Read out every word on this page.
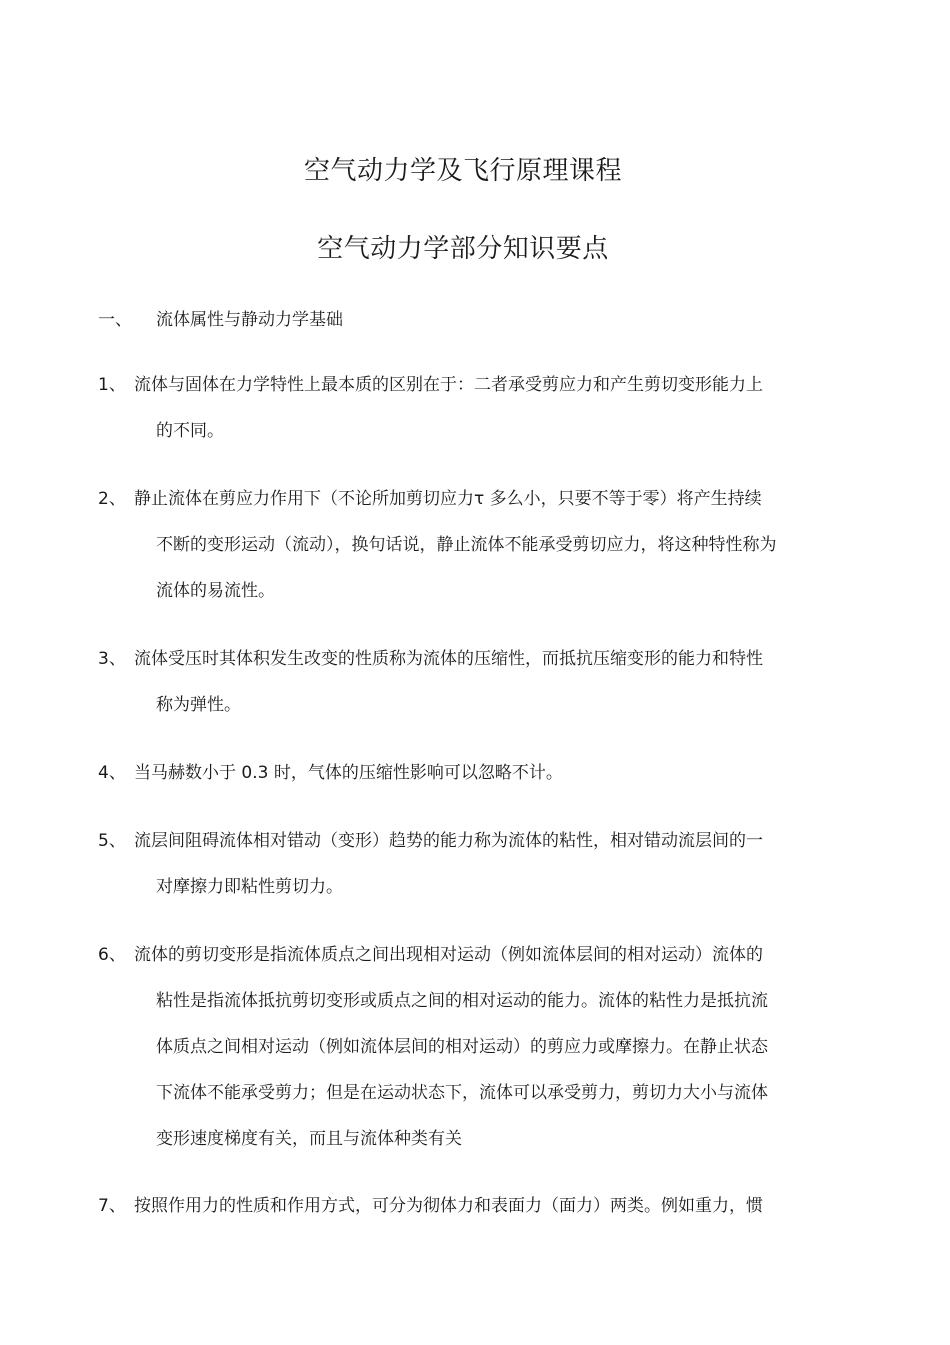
空气动力学及飞行原理课程
空气动力学部分知识要点
一、 流体属性与静动力学基础
1、 流体与固体在力学特性上最本质的区别在于：二者承受剪应力和产生剪切变形能力上
的不同。
2、 静止流体在剪应力作用下（不论所加剪切应力τ 多么小，只要不等于零）将产生持续
不断的变形运动（流动），换句话说，静止流体不能承受剪切应力，将这种特性称为
流体的易流性。
3、 流体受压时其体积发生改变的性质称为流体的压缩性，而抵抗压缩变形的能力和特性
称为弹性。
4、 当马赫数小于 0.3 时，气体的压缩性影响可以忽略不计。
5、 流层间阻碍流体相对错动（变形）趋势的能力称为流体的粘性，相对错动流层间的一
对摩擦力即粘性剪切力。
6、 流体的剪切变形是指流体质点之间出现相对运动（例如流体层间的相对运动）流体的
粘性是指流体抵抗剪切变形或质点之间的相对运动的能力。流体的粘性力是抵抗流
体质点之间相对运动（例如流体层间的相对运动）的剪应力或摩擦力。在静止状态
下流体不能承受剪力；但是在运动状态下，流体可以承受剪力，剪切力大小与流体
变形速度梯度有关，而且与流体种类有关
7、 按照作用力的性质和作用方式，可分为彻体力和表面力（面力）两类。例如重力，惯
